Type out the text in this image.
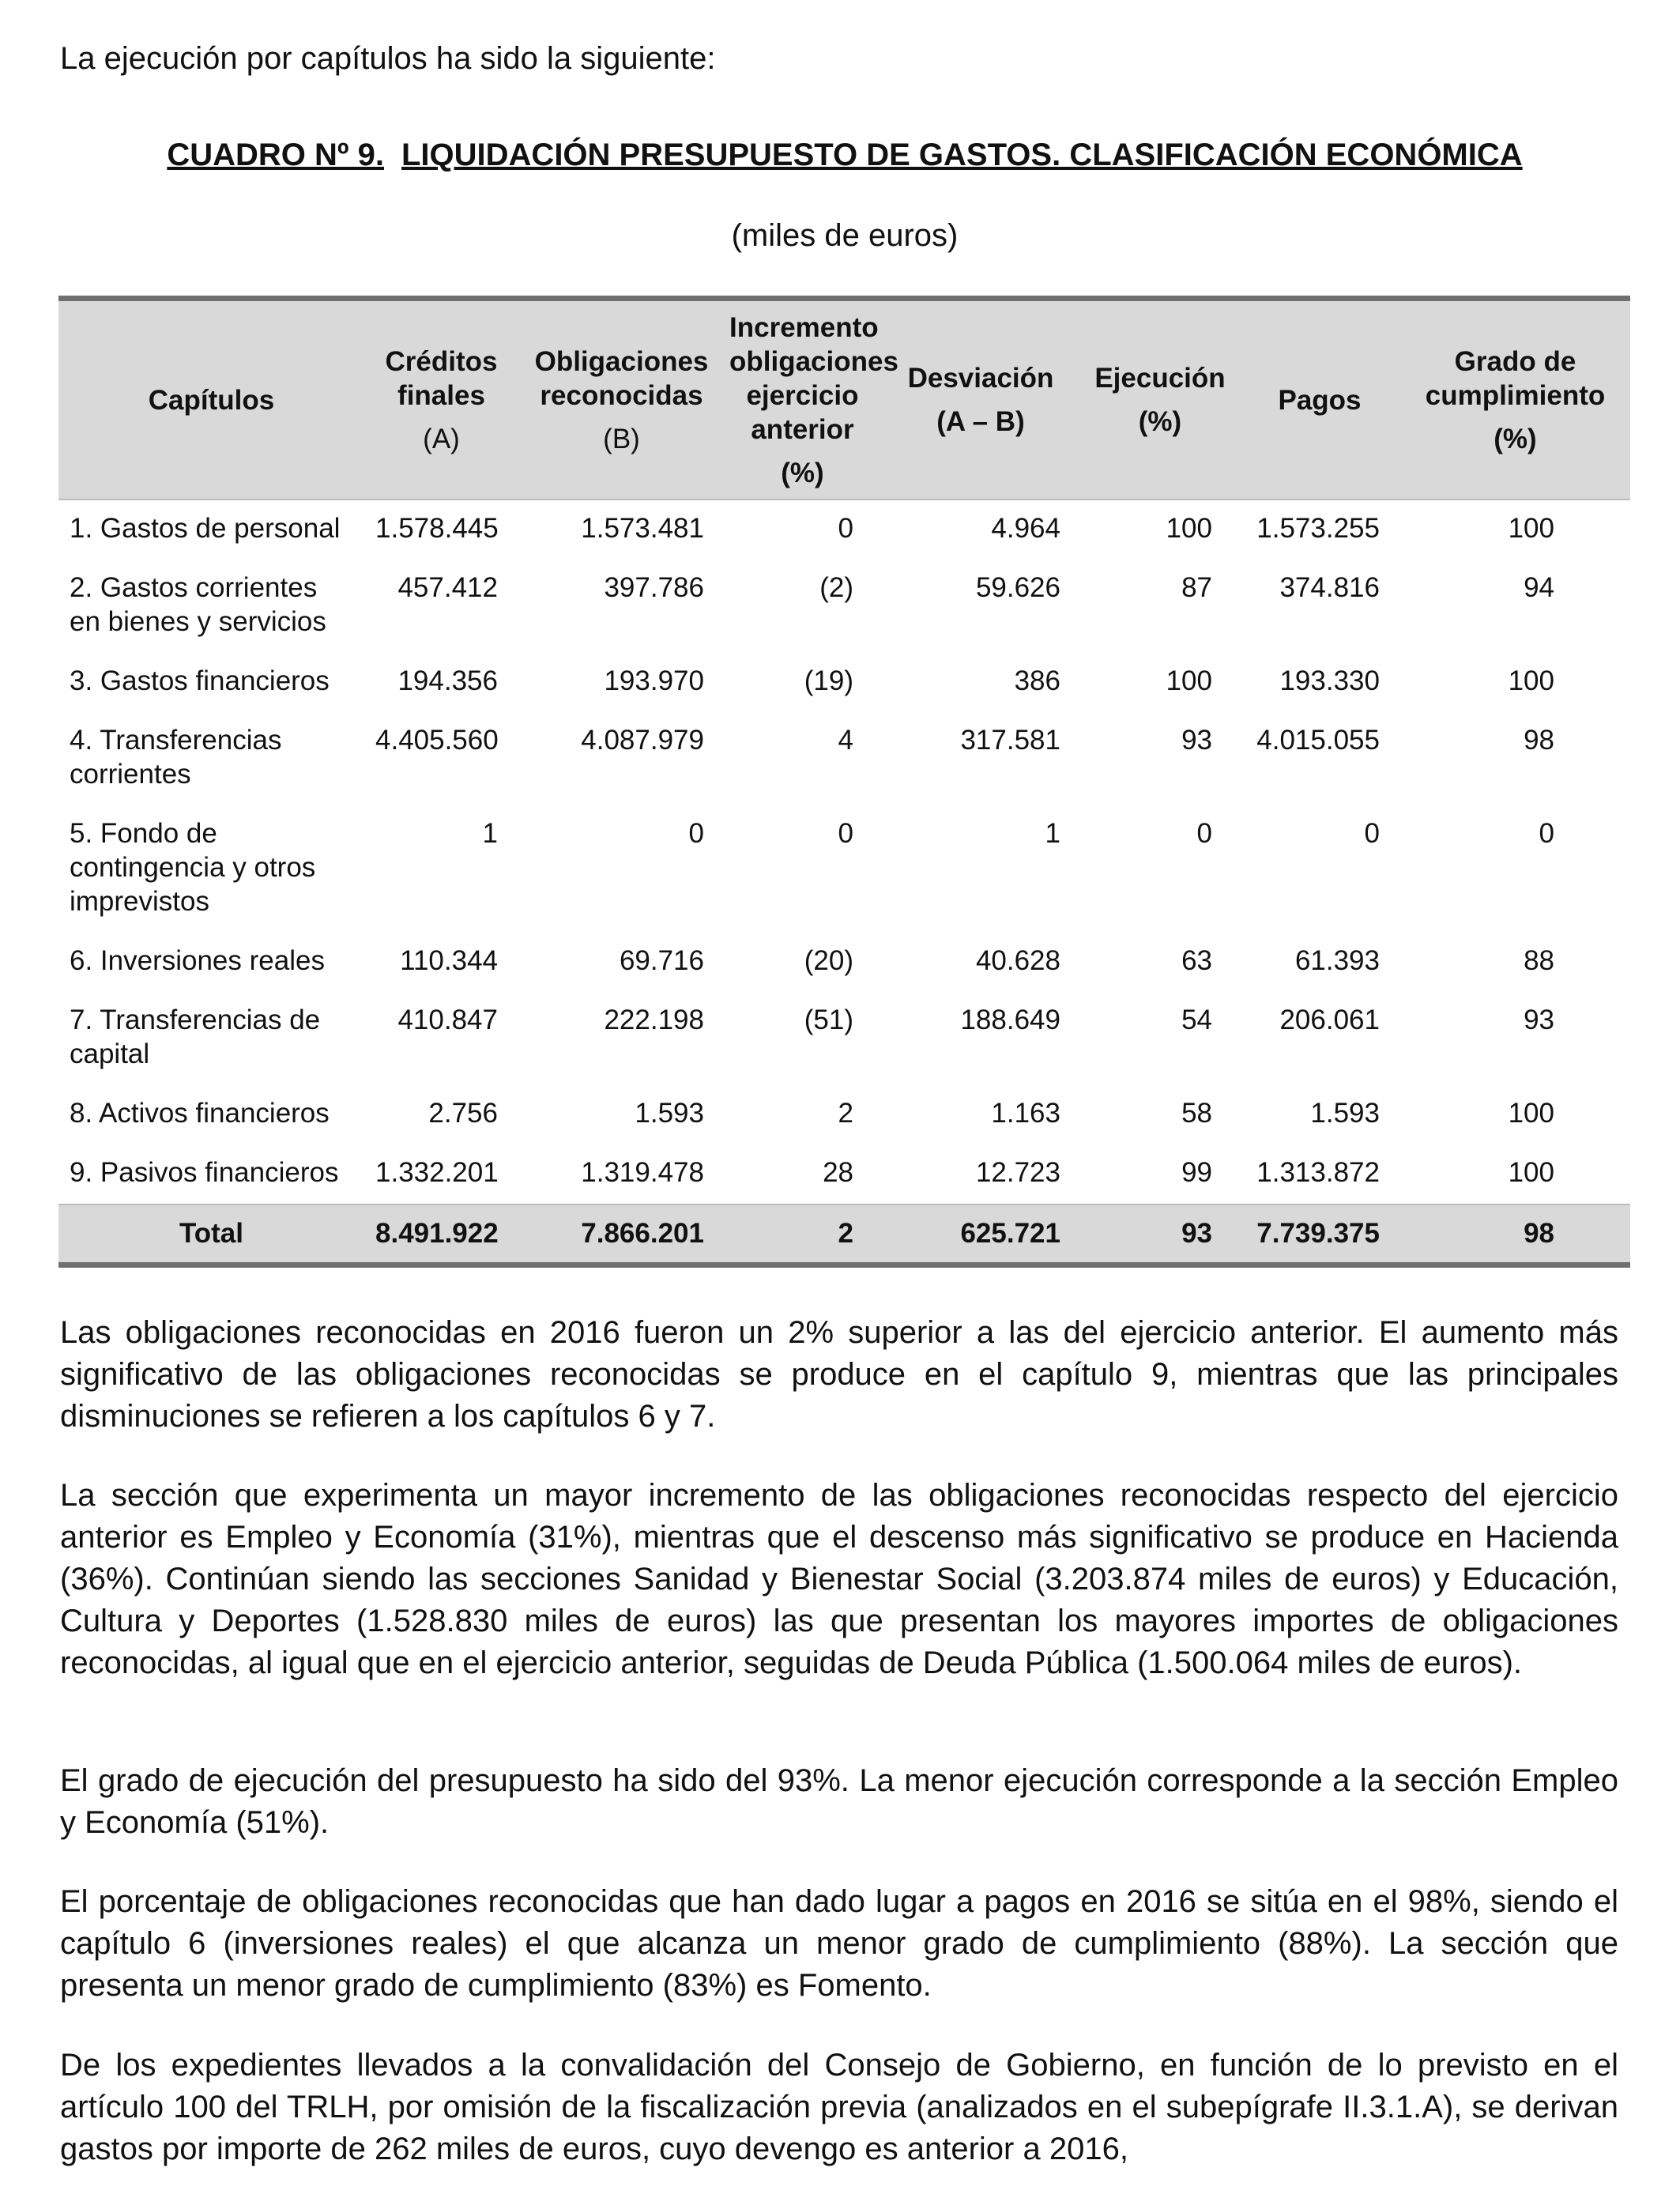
La ejecución por capítulos ha sido la siguiente:

CUADRO Nº 9. LIQUIDACIÓN PRESUPUESTO DE GASTOS. CLASIFICACIÓN ECONÓMICA

(miles de euros)

Capítulos	Créditos
finales
(A)	Obligaciones
reconocidas
(B)	Incremento
obligaciones
ejercicio
anterior
(%)	Desviación
(A – B)	Ejecución
(%)	Pagos	Grado de
cumplimiento
(%)
1. Gastos de personal	1.578.445	1.573.481	0	4.964	100	1.573.255	100
2. Gastos corrientes en bienes y servicios	457.412	397.786	(2)	59.626	87	374.816	94
3. Gastos financieros	194.356	193.970	(19)	386	100	193.330	100
4. Transferencias corrientes	4.405.560	4.087.979	4	317.581	93	4.015.055	98
5. Fondo de contingencia y otros imprevistos	1	0	0	1	0	0	0
6. Inversiones reales	110.344	69.716	(20)	40.628	63	61.393	88
7. Transferencias de capital	410.847	222.198	(51)	188.649	54	206.061	93
8. Activos financieros	2.756	1.593	2	1.163	58	1.593	100
9. Pasivos financieros	1.332.201	1.319.478	28	12.723	99	1.313.872	100
Total	8.491.922	7.866.201	2	625.721	93	7.739.375	98

Las obligaciones reconocidas en 2016 fueron un 2% superior a las del ejercicio anterior. El aumento más significativo de las obligaciones reconocidas se produce en el capítulo 9, mientras que las principales disminuciones se refieren a los capítulos 6 y 7.

La sección que experimenta un mayor incremento de las obligaciones reconocidas respecto del ejercicio anterior es Empleo y Economía (31%), mientras que el descenso más significativo se produce en Hacienda (36%). Continúan siendo las secciones Sanidad y Bienestar Social (3.203.874 miles de euros) y Educación, Cultura y Deportes (1.528.830 miles de euros) las que presentan los mayores importes de obligaciones reconocidas, al igual que en el ejercicio anterior, seguidas de Deuda Pública (1.500.064 miles de euros).

El grado de ejecución del presupuesto ha sido del 93%. La menor ejecución corresponde a la sección Empleo y Economía (51%).

El porcentaje de obligaciones reconocidas que han dado lugar a pagos en 2016 se sitúa en el 98%, siendo el capítulo 6 (inversiones reales) el que alcanza un menor grado de cumplimiento (88%). La sección que presenta un menor grado de cumplimiento (83%) es Fomento.

De los expedientes llevados a la convalidación del Consejo de Gobierno, en función de lo previsto en el artículo 100 del TRLH, por omisión de la fiscalización previa (analizados en el subepígrafe II.3.1.A), se derivan gastos por importe de 262 miles de euros, cuyo devengo es anterior a 2016,
